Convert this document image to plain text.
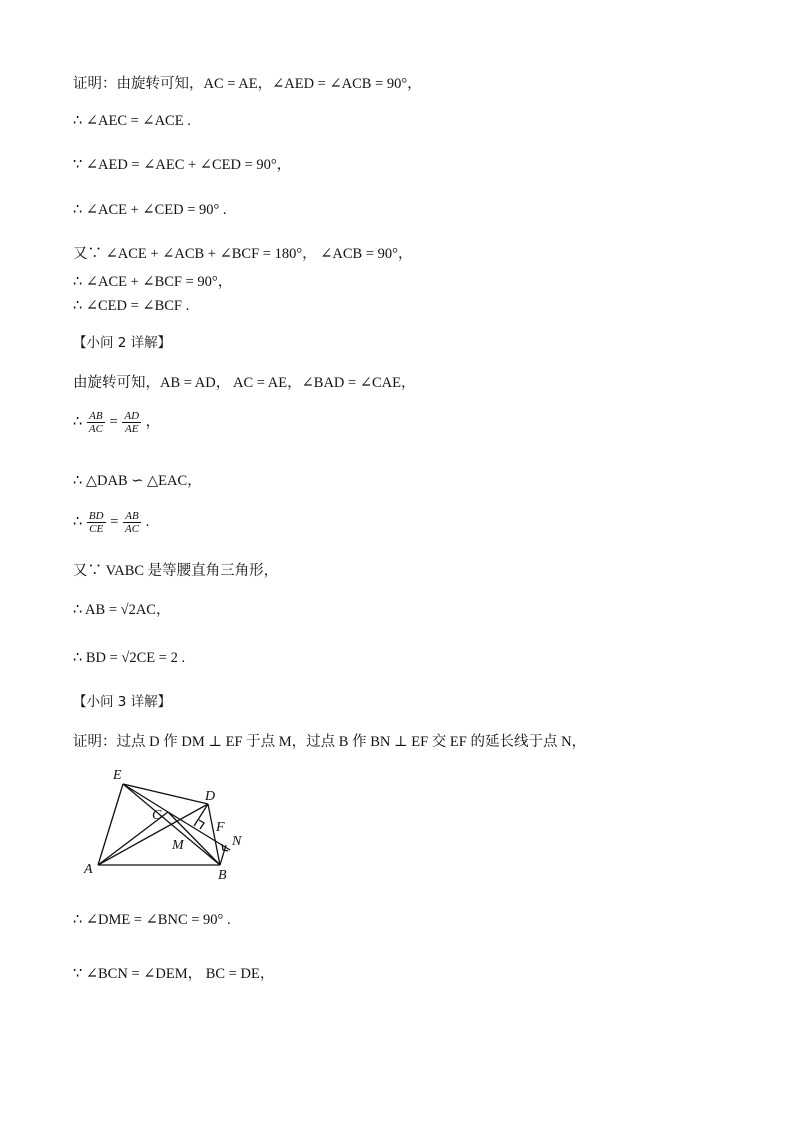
证明：由旋转可知，AC = AE，∠AED = ∠ACB = 90°，
∴ ∠AEC = ∠ACE .
∵ ∠AED = ∠AEC + ∠CED = 90°，
∴ ∠ACE + ∠CED = 90° .
又∵ ∠ACE + ∠ACB + ∠BCF = 180°， ∠ACB = 90°，
∴ ∠ACE + ∠BCF = 90°，
∴ ∠CED = ∠BCF .
【小问 2 详解】
由旋转可知，AB = AD， AC = AE，∠BAD = ∠CAE，
∴ $\frac{AB}{AC} = \frac{AD}{AE}$ ，
∴ △DAB ∽ △EAC，
∴ $\frac{BD}{CE} = \frac{AB}{AC}$ .
又∵ VABC 是等腰直角三角形，
∴ AB = √2AC，
∴ BD = √2CE = 2 .
【小问 3 详解】
证明：过点 D 作 DM ⊥ EF 于点 M，过点 B 作 BN ⊥ EF 交 EF 的延长线于点 N，
E
D
C
F
N
M
A	B
∴ ∠DME = ∠BNC = 90° .
∵ ∠BCN = ∠DEM， BC = DE，
